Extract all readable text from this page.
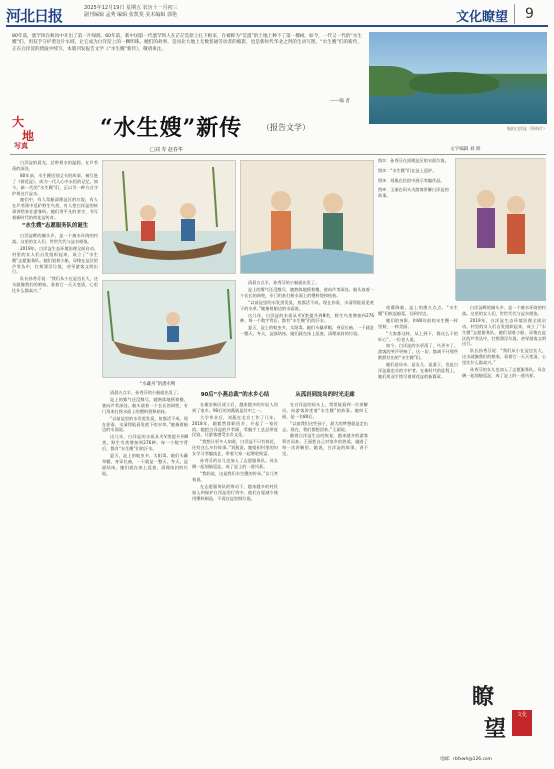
河北日报	2025年12月19日 星期五 农历十一月初三
副刊编辑 孟秀 编辑 张凯斐 美术编辑 郭艳	文化瞭望	9
80年前，塞罕坝在秋风中开出了第一片绿荫。60年前，新中国第一代塞罕坝人在茫茫荒原上扎下根来，在被称为“荒漠”的土地上种下了第一棵树。如今，一代又一代的“水生嫂”们，用双手守护着这片水域，让它成为白洋淀上的一颗明珠。她们的故事，是河北大地上无数普通劳动者的缩影，也是新时代华北之肾的生动写照。“水生嫂”们的新传，正在白洋淀的碧波中续写。本版刊发报告文学《“水生嫂”新传》，敬请垂注。
——编 者
航拍白洋淀（资料片）
大
地
写真
“水生嫂”新传 （报告文学）
□刘 寿 赵春华	文字编辑 刘 朗

白洋淀的晨光，总带着水的温润。在芦苇荡的深处，

80年前，水生嫂送别丈夫的故事，被写进了《荷花淀》，成为一代人心中永恒的记忆。如今，新一代的“水生嫂”们，正以另一种方式守护着这片淀水。

她们中，有人驾船清理淀区的垃圾，有人在芦苇荡中巡护野生鸟类，有人把白洋淀的故事讲给来往游客听。她们用平凡的坚守，书写着新时代的荷花淀传奇。

“水生嫂”志愿服务队的诞生

白洋淀畔的圈头乡，是一个被水环绕的村落。这里的女人们，世世代代与淀水相依。

2019年，白洋淀生态环境治理全面启动。村里的女人们自发组织起来，成立了“水生嫂”志愿服务队。她们划着小船，穿梭在淀区的芦苇丛中，打捞漂浮垃圾，劝导游客文明出行。

队长孙秀芬说：“我们从小在淀边长大，这水就像我们的娘家。看着它一天天变清，心里比什么都高兴。”

图①：孙秀芬在清理淀区的水面垃圾。

图②：“水生嫂”们在淀上巡护。

图③：刘燕在民宿中展示苇编作品。

图④：王丽在码头为游客讲解白洋淀的故事。

“水藏舟”的潜水鸭

清晨五点半，孙秀芬的小船就出发了。

淀上的雾气还没散尽，她熟练地摇着橹，驶向芦苇深处。船头放着一个长长的网兜，专门用来打捞水面上的塑料袋和枯枝。

“以前淀里的水发黑发臭，鱼都活不成。现在你看，水清得能看见底下的水草。”她指着船边的水面说。

这几年，白洋淀的水质从劣V类提升到Ⅲ类，野生鸟类增加到276种。每一个数字背后，都有“水生嫂”们的汗水。

夏天，淀上的蚊虫多，太阳毒。她们头戴草帽，身穿长袖，一干就是一整天。冬天，淀面结冰，她们就在冰上巡查，清理冰封的垃圾。

清晨五点半，孙秀芬的小船就出发了。

淀上的雾气还没散尽，她熟练地摇着橹，驶向芦苇深处。船头放着一个长长的网兜，专门用来打捞水面上的塑料袋和枯枝。

“以前淀里的水发黑发臭，鱼都活不成。现在你看，水清得能看见底下的水草。”她指着船边的水面说。

这几年，白洋淀的水质从劣V类提升到Ⅲ类，野生鸟类增加到276种。每一个数字背后，都有“水生嫂”们的汗水。

夏天，淀上的蚊虫多，太阳毒。她们头戴草帽，身穿长袖，一干就是一整天。冬天，淀面结冰，她们就在冰上巡查，清理冰封的垃圾。

90后“小燕总裁”的水乡心结

在雄安新区成立后，越来越多的年轻人回到了家乡。90后的刘燕就是其中之一。

大学毕业后，刘燕在北京工作了几年。2018年，她毅然辞职回乡，开起了一家民宿。她把白洋淀的芦苇画、苇编手工艺品带进民宿，让游客感受水乡文化。

“我想让更多人知道，白洋淀不只有荷花，还有这么多好故事。”刘燕说。她组织村里的妇女学习苇编技艺，带着大家一起增收致富。

孙秀芬的女儿也加入了志愿服务队。母女俩一起划船巡淀，成了淀上的一道风景。

“我妈说，这是我们水生嫂的传承。”女儿笑着说。

在志愿服务队的带动下，越来越多的村民加入到保护白洋淀的行列中。他们自觉减少使用塑料制品，不再往淀里倒垃圾。

从孤岩到淀岛的时光走廊

在白洋淀的码头上，常常能看到一位讲解员，向游客讲述着“水生嫂”的故事。她叫王丽，是一名80后。

“以前我们这些孩子，最大的梦想就是走出去。现在，我们都想回来。”王丽说。

随着白洋淀生态的恢复，越来越多的游客慕名而来。王丽把自己对家乡的热爱，融进了每一次讲解里。她说，白洋淀的故事，讲不完。

夜幕降临，淀上的渔火点点。“水生嫂”们收起船桨，回到岸边。

她们的身影，和80年前的水生嫂一样坚韧，一样美丽。

“大家都这样，从上到下，都这么干的好心”，一位老人说。

如今，白洋淀的水更清了，鸟更多了，游客的笑声更响了。这一切，都离不开那些默默付出的“水生嫂”们。

她们是母亲、是女儿、是妻子，也是白洋淀最忠实的守护者。在新时代的征程上，她们用双手续写着荷花淀的新篇章。

白洋淀畔的圈头乡，是一个被水环绕的村落。这里的女人们，世世代代与淀水相依。

2019年，白洋淀生态环境治理全面启动。村里的女人们自发组织起来，成立了“水生嫂”志愿服务队。她们划着小船，穿梭在淀区的芦苇丛中，打捞漂浮垃圾，劝导游客文明出行。

队长孙秀芬说：“我们从小在淀边长大，这水就像我们的娘家。看着它一天天变清，心里比什么都高兴。”

孙秀芬的女儿也加入了志愿服务队。母女俩一起划船巡淀，成了淀上的一道风景。

瞭
望
文化
电邮：rbfxwh@126.com
